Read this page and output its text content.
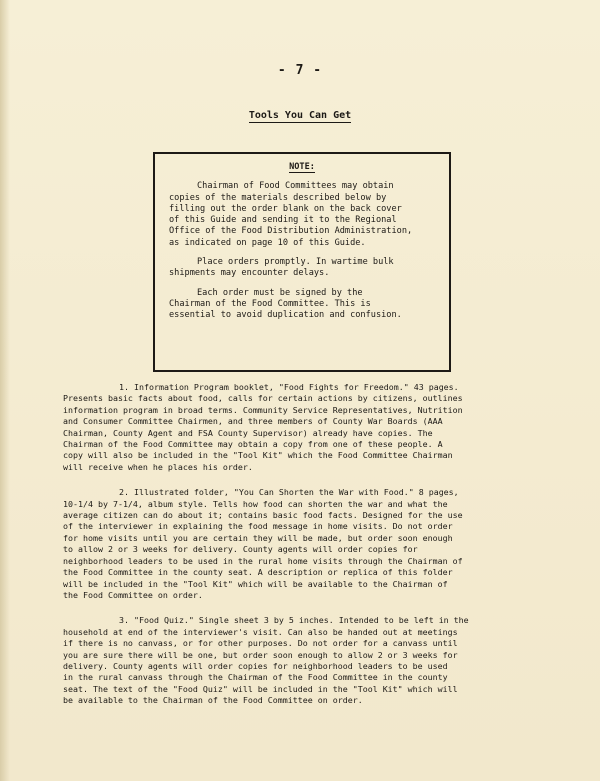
- 7 -
Tools You Can Get
NOTE:
Chairman of Food Committees may obtain
copies of the materials described below by
filling out the order blank on the back cover
of this Guide and sending it to the Regional
Office of the Food Distribution Administration,
as indicated on page 10 of this Guide.
Place orders promptly. In wartime bulk
shipments may encounter delays.
Each order must be signed by the
Chairman of the Food Committee. This is
essential to avoid duplication and confusion.
1. Information Program booklet, "Food Fights for Freedom." 43 pages.
Presents basic facts about food, calls for certain actions by citizens, outlines
information program in broad terms. Community Service Representatives, Nutrition
and Consumer Committee Chairmen, and three members of County War Boards (AAA
Chairman, County Agent and FSA County Supervisor) already have copies. The
Chairman of the Food Committee may obtain a copy from one of these people. A
copy will also be included in the "Tool Kit" which the Food Committee Chairman
will receive when he places his order.
2. Illustrated folder, "You Can Shorten the War with Food." 8 pages,
10-1/4 by 7-1/4, album style. Tells how food can shorten the war and what the
average citizen can do about it; contains basic food facts. Designed for the use
of the interviewer in explaining the food message in home visits. Do not order
for home visits until you are certain they will be made, but order soon enough
to allow 2 or 3 weeks for delivery. County agents will order copies for
neighborhood leaders to be used in the rural home visits through the Chairman of
the Food Committee in the county seat. A description or replica of this folder
will be included in the "Tool Kit" which will be available to the Chairman of
the Food Committee on order.
3. "Food Quiz." Single sheet 3 by 5 inches. Intended to be left in the
household at end of the interviewer's visit. Can also be handed out at meetings
if there is no canvass, or for other purposes. Do not order for a canvass until
you are sure there will be one, but order soon enough to allow 2 or 3 weeks for
delivery. County agents will order copies for neighborhood leaders to be used
in the rural canvass through the Chairman of the Food Committee in the county
seat. The text of the "Food Quiz" will be included in the "Tool Kit" which will
be available to the Chairman of the Food Committee on order.
